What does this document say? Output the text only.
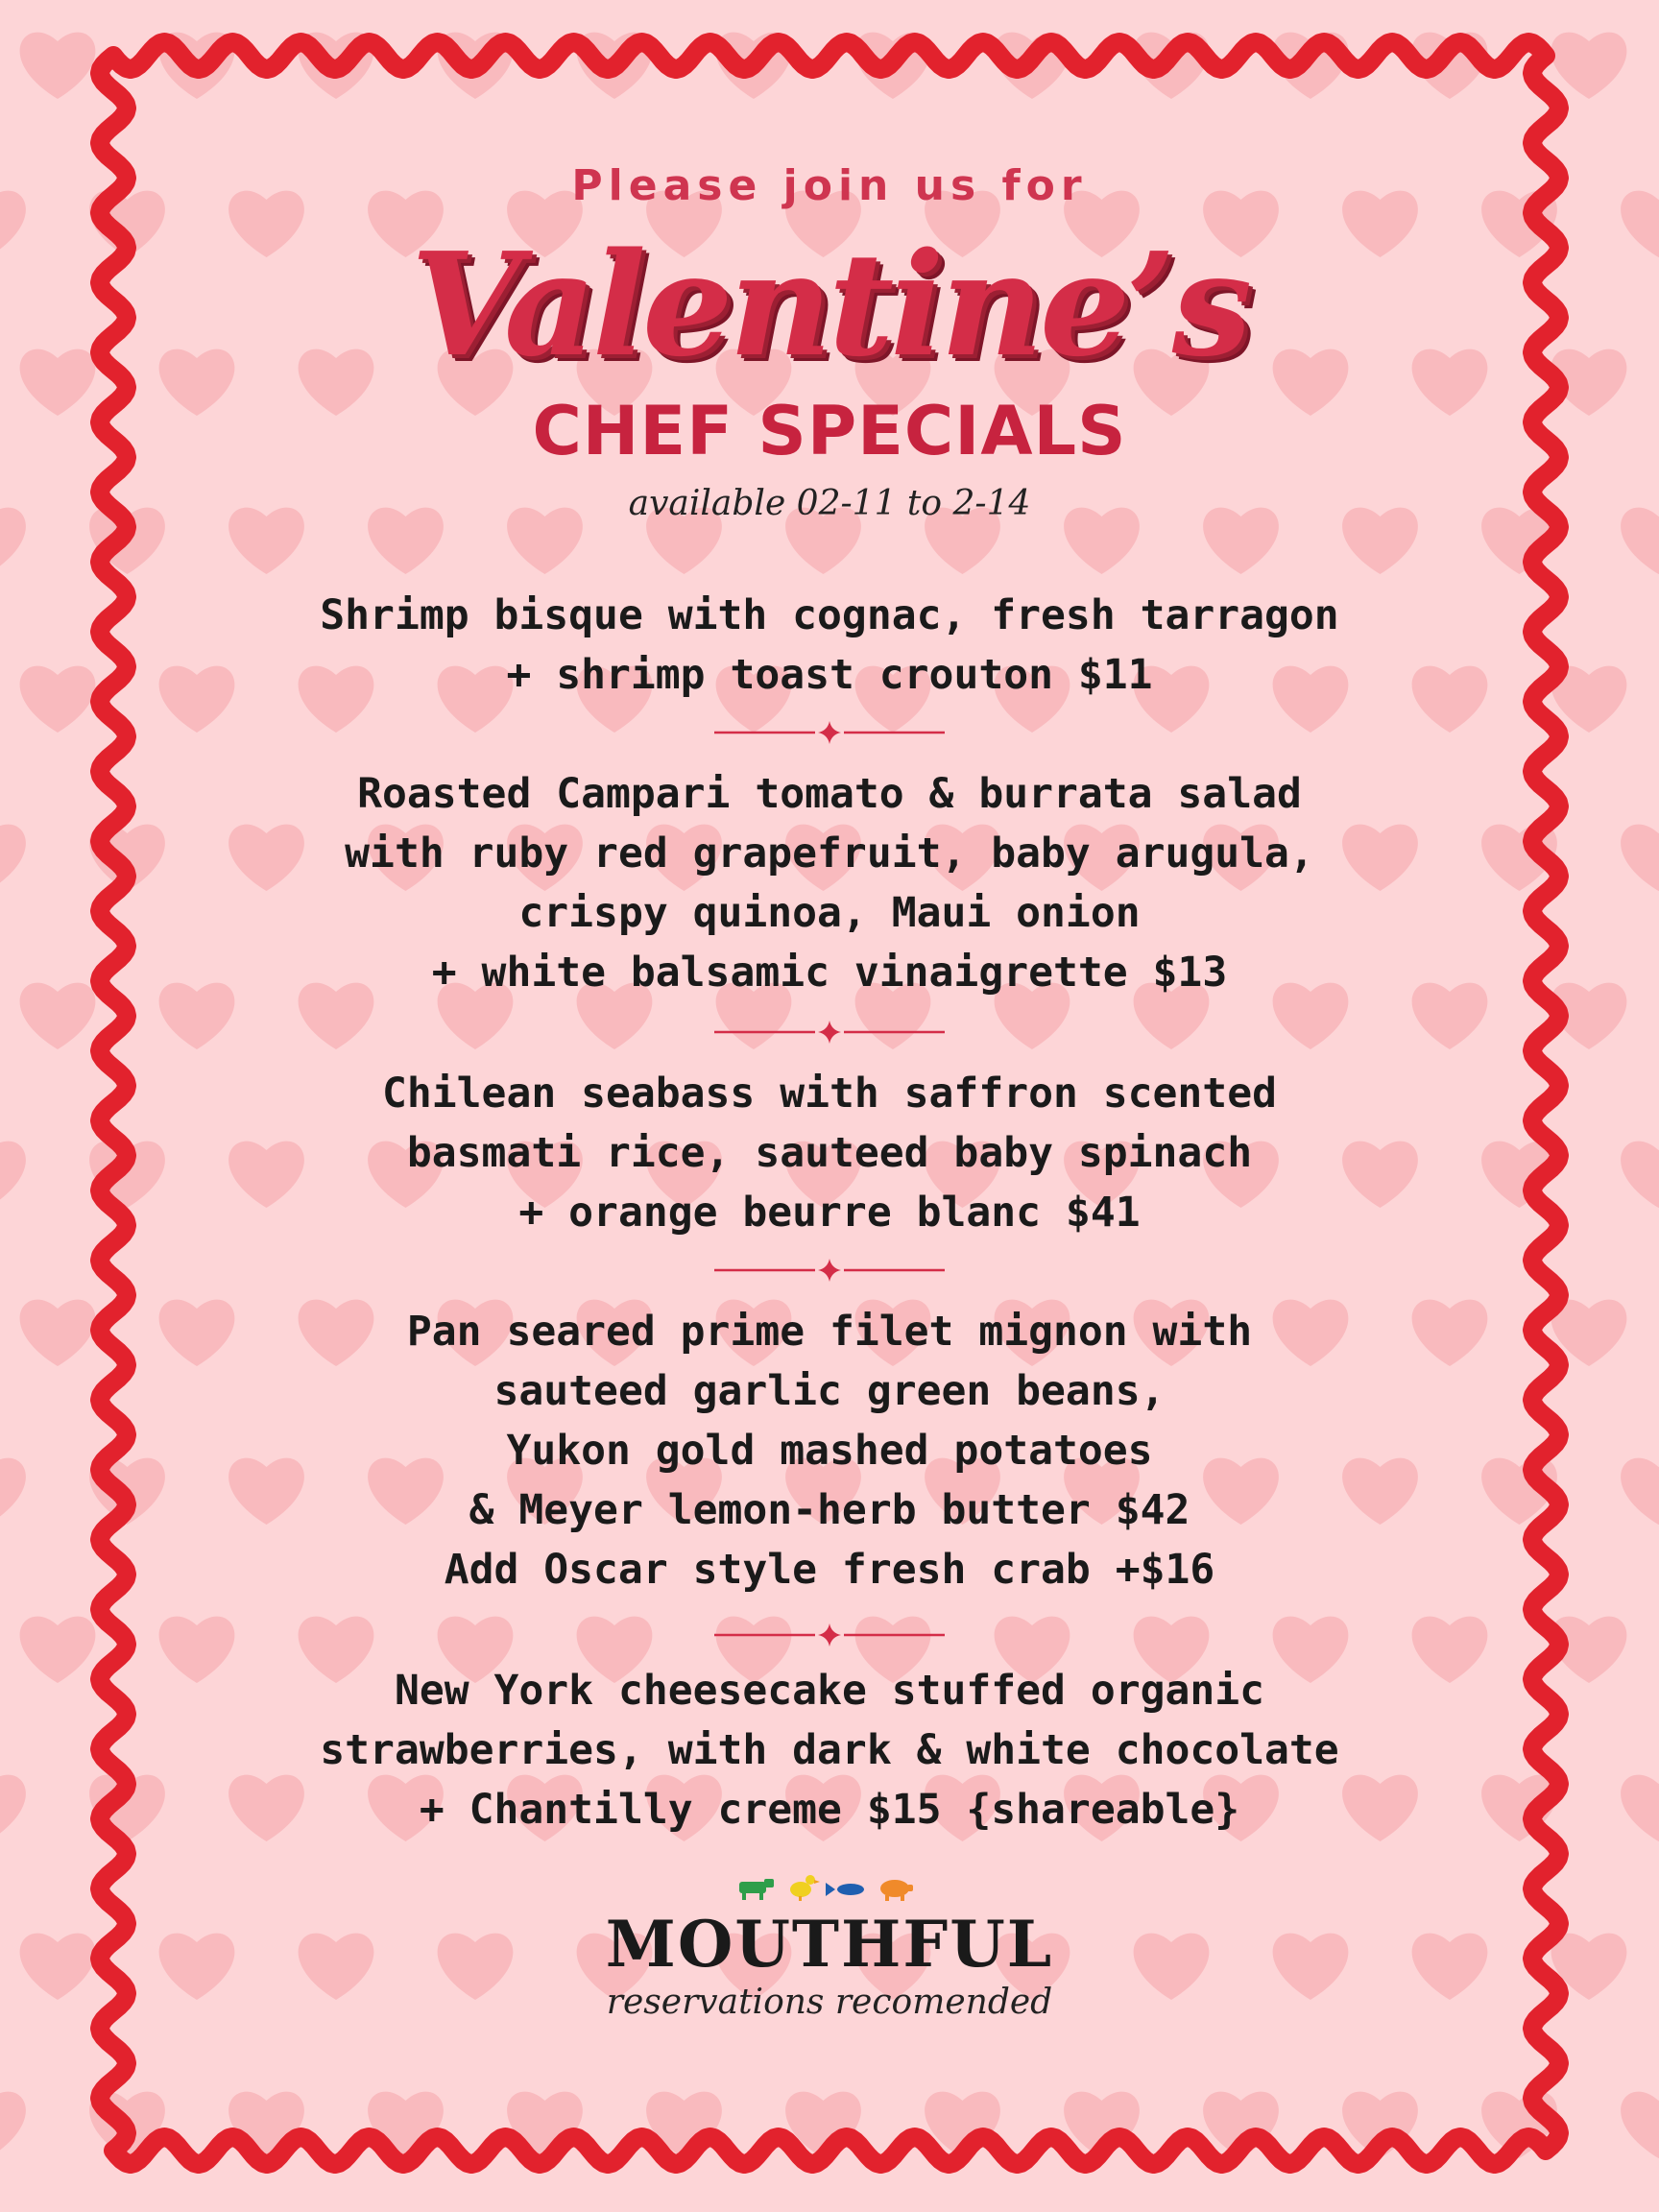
Please join us for
Valentine’s
CHEF SPECIALS
available 02-11 to 2-14
Shrimp bisque with cognac, fresh tarragon
+ shrimp toast crouton $11
Roasted Campari tomato & burrata salad
with ruby red grapefruit, baby arugula,
crispy quinoa, Maui onion
+ white balsamic vinaigrette $13
Chilean seabass with saffron scented
basmati rice, sauteed baby spinach
+ orange beurre blanc $41
Pan seared prime filet mignon with
sauteed garlic green beans,
Yukon gold mashed potatoes
& Meyer lemon-herb butter $42
Add Oscar style fresh crab +$16
New York cheesecake stuffed organic
strawberries, with dark & white chocolate
+ Chantilly creme $15 {shareable}
MOUTHFUL
reservations recomended
